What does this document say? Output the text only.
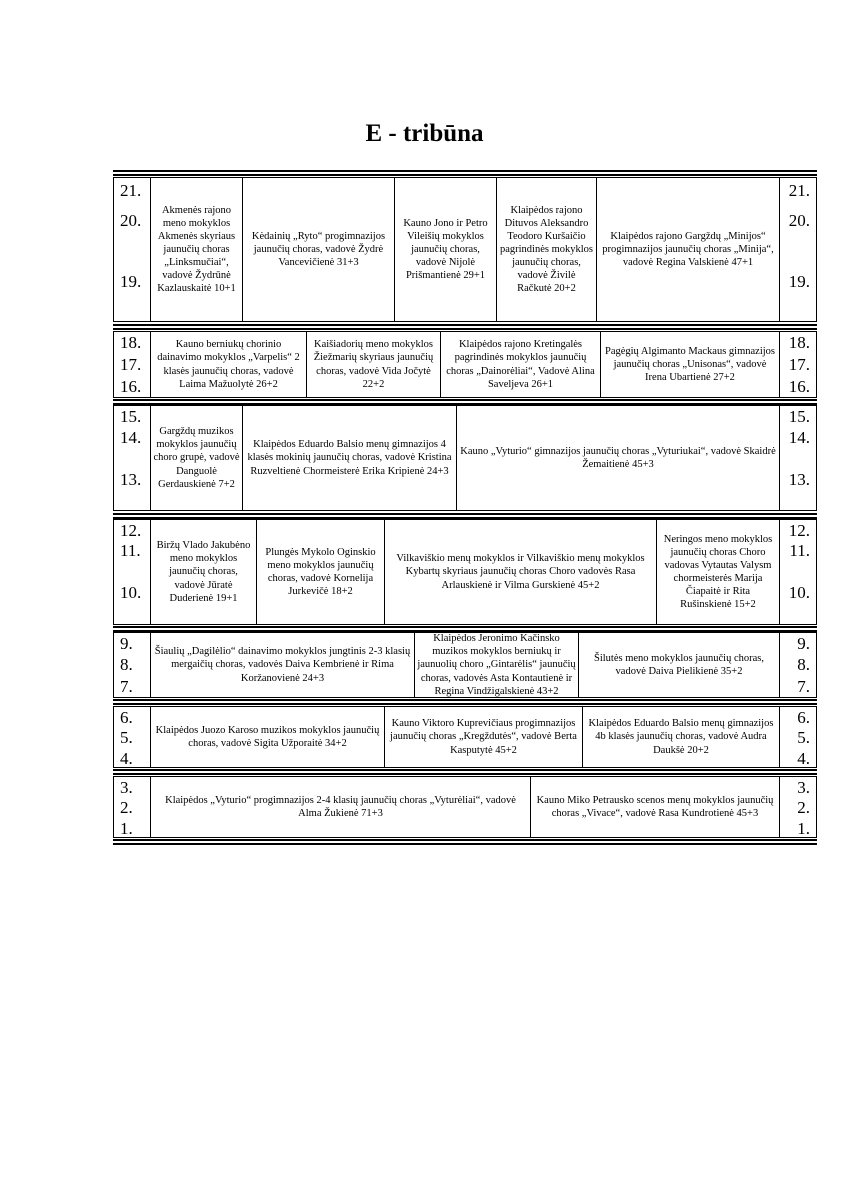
E - tribūna
21.
20.
19.
21.
20.
19.
Akmenės rajono meno mokyklos Akmenės skyriaus jaunučių choras „Linksmučiai“, vadovė Žydrūnė Kazlauskaitė 10+1
Kėdainių „Ryto“ progimnazijos jaunučių choras, vadovė Žydrė Vancevičienė 31+3
Kauno Jono ir Petro Vileišių mokyklos jaunučių choras, vadovė Nijolė Prišmantienė 29+1
Klaipėdos rajono Dituvos Aleksandro Teodoro Kuršaičio pagrindinės mokyklos jaunučių choras, vadovė Živilė Račkutė 20+2
Klaipėdos rajono Gargždų „Minijos“ progimnazijos jaunučių choras „Minija“, vadovė Regina Valskienė 47+1
18.
17.
16.
18.
17.
16.
Kauno berniukų chorinio dainavimo mokyklos „Varpelis“ 2 klasės jaunučių choras, vadovė Laima Mažuolytė 26+2
Kaišiadorių meno mokyklos Žiežmarių skyriaus jaunučių choras, vadovė Vida Jočytė 22+2
Klaipėdos rajono Kretingalės pagrindinės mokyklos jaunučių choras „Dainorėliai“, Vadovė Alina Saveljeva 26+1
Pagėgių Algimanto Mackaus gimnazijos jaunučių choras „Unisonas“, vadovė Irena Ubartienė 27+2
15.
14.
13.
15.
14.
13.
Gargždų muzikos mokyklos jaunučių choro grupė, vadovė Danguolė Gerdauskienė 7+2
Klaipėdos Eduardo Balsio menų gimnazijos 4 klasės mokinių jaunučių choras, vadovė Kristina Ruzveltienė Chormeisterė Erika Kripienė 24+3
Kauno „Vyturio“ gimnazijos jaunučių choras „Vyturiukai“, vadovė Skaidrė Žemaitienė 45+3
12.
11.
10.
12.
11.
10.
Biržų Vlado Jakubėno meno mokyklos jaunučių choras, vadovė Jūratė Duderienė 19+1
Plungės Mykolo Oginskio meno mokyklos jaunučių choras, vadovė Kornelija Jurkevičė 18+2
Vilkaviškio menų mokyklos ir Vilkaviškio menų mokyklos Kybartų skyriaus jaunučių choras Choro vadovės Rasa Arlauskienė ir Vilma Gurskienė 45+2
Neringos meno mokyklos jaunučių choras Choro vadovas Vytautas Valysm chormeisterės Marija Čiapaitė ir Rita Rušinskienė 15+2
9.
8.
7.
9.
8.
7.
Šiaulių „Dagilėlio“ dainavimo mokyklos jungtinis 2-3 klasių mergaičių choras, vadovės Daiva Kembrienė ir Rima Koržanovienė 24+3
Klaipėdos Jeronimo Kačinsko muzikos mokyklos berniukų ir jaunuolių choro „Gintarėlis“ jaunučių choras, vadovės Asta Kontautienė ir Regina Vindžigalskienė 43+2
Šilutės meno mokyklos jaunučių choras, vadovė Daiva Pielikienė 35+2
6.
5.
4.
6.
5.
4.
Klaipėdos Juozo Karoso muzikos mokyklos jaunučių choras, vadovė Sigita Užporaitė 34+2
Kauno Viktoro Kuprevičiaus progimnazijos jaunučių choras „Kregždutės“, vadovė Berta Kasputytė 45+2
Klaipėdos Eduardo Balsio menų gimnazijos 4b klasės jaunučių choras, vadovė Audra Daukšė 20+2
3.
2.
1.
3.
2.
1.
Klaipėdos „Vyturio“ progimnazijos 2-4 klasių jaunučių choras „Vyturėliai“, vadovė Alma Žukienė 71+3
Kauno Miko Petrausko scenos menų mokyklos jaunučių choras „Vivace“, vadovė Rasa Kundrotienė 45+3
